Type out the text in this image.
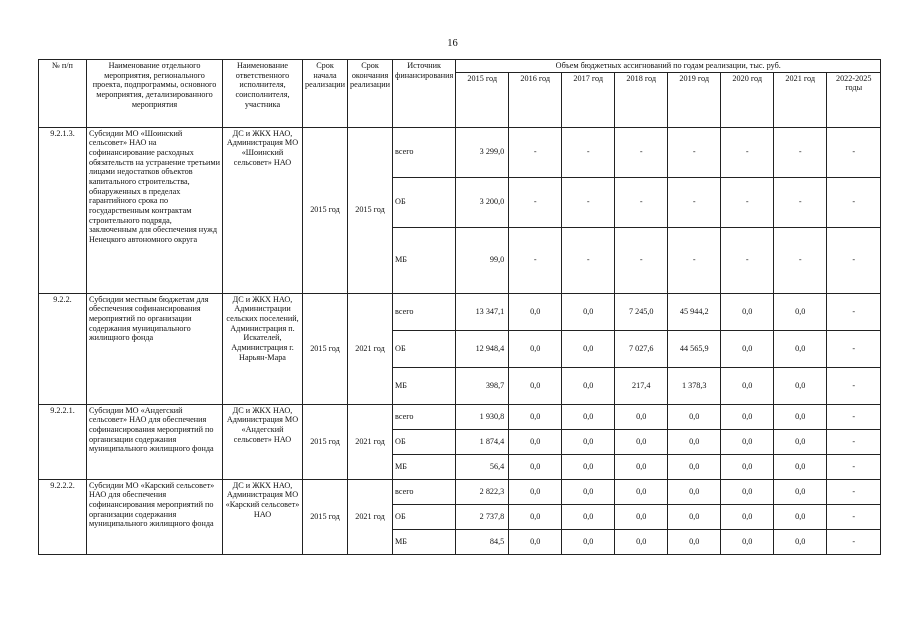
16
№ п/п	Наименование отдельного мероприятия, регионального проекта, подпрограммы, основного мероприятия, детализированного мероприятия	Наименование ответственного исполнителя, соисполнителя, участника	Срок начала реализации	Срок окончания реализации	Источник финансирования	Объем бюджетных ассигнований по годам реализации, тыс. руб.							
						2015 год	2016 год	2017 год	2018 год	2019 год	2020 год	2021 год	2022-2025 годы
9.2.1.3.	Субсидии МО «Шоинский сельсовет» НАО на софинансирование расходных обязательств на устранение третьими лицами недостатков объектов капитального строительства, обнаруженных в пределах гарантийного срока по государственным контрактам строительного подряда, заключенным для обеспечения нужд Ненецкого автономного округа	ДС и ЖКХ НАО, Администрация МО «Шоинский сельсовет» НАО	2015 год	2015 год	всего	3 299,0	-	-	-	-	-	-	-
					ОБ	3 200,0	-	-	-	-	-	-	-
					МБ	99,0	-	-	-	-	-	-	-
9.2.2.	Субсидии местным бюджетам для обеспечения софинансирования мероприятий по организации содержания муниципального жилищного фонда	ДС и ЖКХ НАО, Администрации сельских поселений, Администрация п. Искателей, Администрация г. Нарьян-Мара	2015 год	2021 год	всего	13 347,1	0,0	0,0	7 245,0	45 944,2	0,0	0,0	-
					ОБ	12 948,4	0,0	0,0	7 027,6	44 565,9	0,0	0,0	-
					МБ	398,7	0,0	0,0	217,4	1 378,3	0,0	0,0	-
9.2.2.1.	Субсидии МО «Андегский сельсовет» НАО для обеспечения софинансирования мероприятий по организации содержания муниципального жилищного фонда	ДС и ЖКХ НАО, Администрация МО «Андегский сельсовет» НАО	2015 год	2021 год	всего	1 930,8	0,0	0,0	0,0	0,0	0,0	0,0	-
					ОБ	1 874,4	0,0	0,0	0,0	0,0	0,0	0,0	-
					МБ	56,4	0,0	0,0	0,0	0,0	0,0	0,0	-
9.2.2.2.	Субсидии МО «Карский сельсовет» НАО для обеспечения софинансирования мероприятий по организации содержания муниципального жилищного фонда	ДС и ЖКХ НАО, Администрация МО «Карский сельсовет» НАО	2015 год	2021 год	всего	2 822,3	0,0	0,0	0,0	0,0	0,0	0,0	-
					ОБ	2 737,8	0,0	0,0	0,0	0,0	0,0	0,0	-
					МБ	84,5	0,0	0,0	0,0	0,0	0,0	0,0	-
